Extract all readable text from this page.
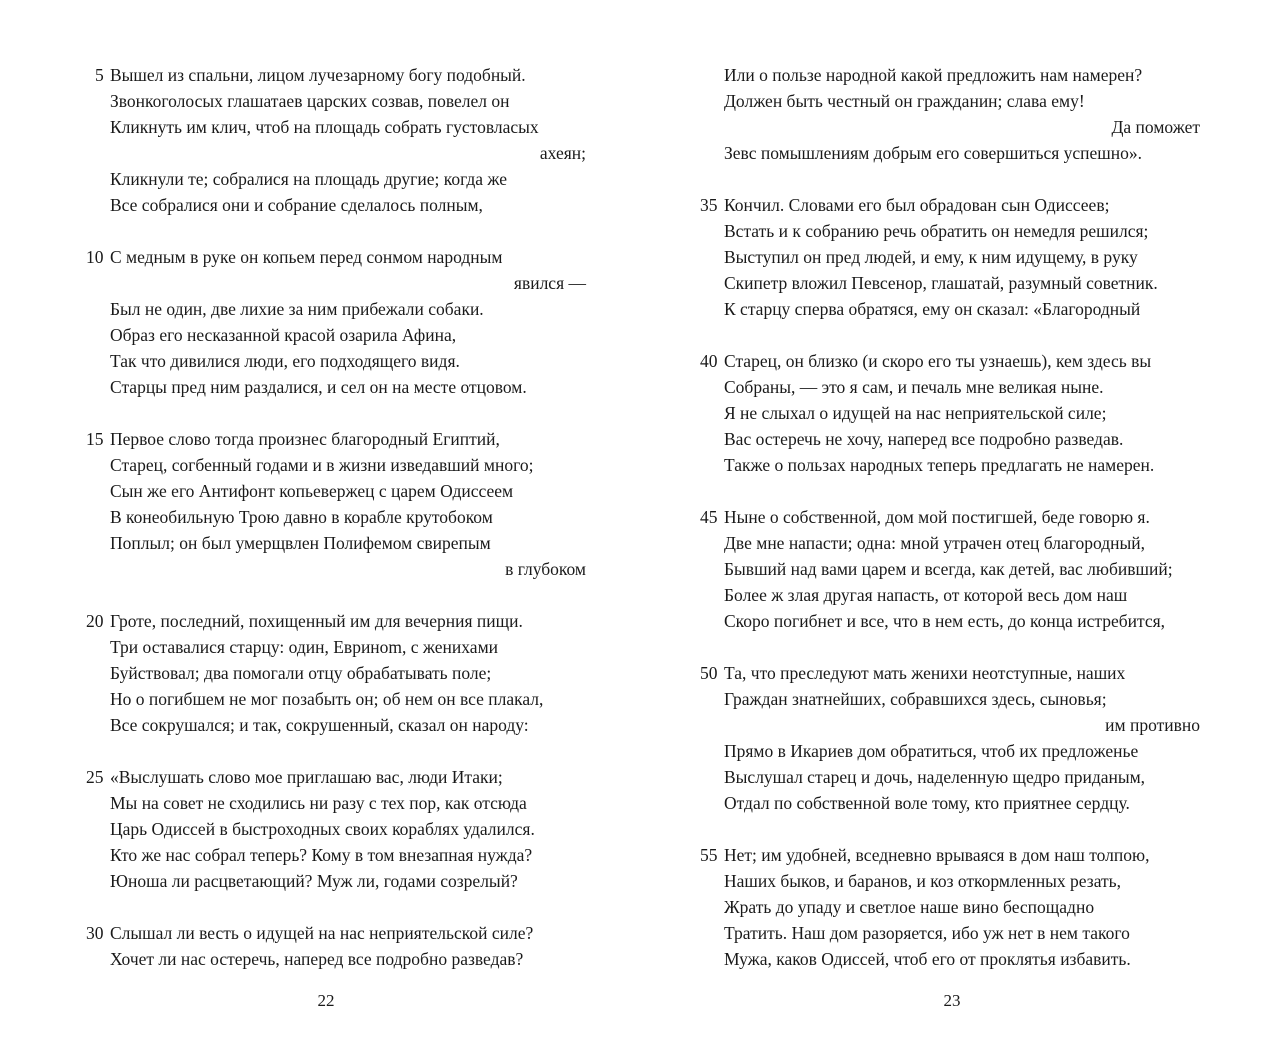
5 Вышел из спальни, лицом лучезарному богу подобный.
Звонкоголосых глашатаев царских созвав, повелел он
Кликнуть им клич, чтоб на площадь собрать густовласых
ахеян;
Кликнули те; собралися на площадь другие; когда же
Все собралися они и собрание сделалось полным,
10 С медным в руке он копьем перед сонмом народным
явился —
Был не один, две лихие за ним прибежали собаки.
Образ его несказанной красой озарила Афина,
Так что дивилися люди, его подходящего видя.
Старцы пред ним раздалися, и сел он на месте отцовом.
15 Первое слово тогда произнес благородный Египтий,
Старец, согбенный годами и в жизни изведавший много;
Сын же его Антифонт копьевержец с царем Одиссеем
В конеобильную Трою давно в корабле крутобоком
Поплыл; он был умерщвлен Полифемом свирепым
в глубоком
20 Гроте, последний, похищенный им для вечерния пищи.
Три оставалися старцу: один, Евриноm, с женихами
Буйствовал; два помогали отцу обрабатывать поле;
Но о погибшем не мог позабыть он; об нем он все плакал,
Все сокрушался; и так, сокрушенный, сказал он народу:
25 «Выслушать слово мое приглашаю вас, люди Итаки;
Мы на совет не сходились ни разу с тех пор, как отсюда
Царь Одиссей в быстроходных своих кораблях удалился.
Кто же нас собрал теперь? Кому в том внезапная нужда?
Юноша ли расцветающий? Муж ли, годами созрелый?
30 Слышал ли весть о идущей на нас неприятельской силе?
Хочет ли нас остеречь, наперед все подробно разведав?
22
Или о пользе народной какой предложить нам намерен?
Должен быть честный он гражданин; слава ему!
Да поможет
Зевс помышлениям добрым его совершиться успешно».
35 Кончил. Словами его был обрадован сын Одиссеев;
Встать и к собранию речь обратить он немедля решился;
Выступил он пред людей, и ему, к ним идущему, в руку
Скипетр вложил Певсенор, глашатай, разумный советник.
К старцу сперва обратяся, ему он сказал: «Благородный
40 Старец, он близко (и скоро его ты узнаешь), кем здесь вы
Собраны, — это я сам, и печаль мне великая ныне.
Я не слыхал о идущей на нас неприятельской силе;
Вас остеречь не хочу, наперед все подробно разведав.
Также о пользах народных теперь предлагать не намерен.
45 Ныне о собственной, дом мой постигшей, беде говорю я.
Две мне напасти; одна: мной утрачен отец благородный,
Бывший над вами царем и всегда, как детей, вас любивший;
Более ж злая другая напасть, от которой весь дом наш
Скоро погибнет и все, что в нем есть, до конца истребится,
50 Та, что преследуют мать женихи неотступные, наших
Граждан знатнейших, собравшихся здесь, сыновья;
им противно
Прямо в Икариев дом обратиться, чтоб их предложенье
Выслушал старец и дочь, наделенную щедро приданым,
Отдал по собственной воле тому, кто приятнее сердцу.
55 Нет; им удобней, вседневно врываяся в дом наш толпою,
Наших быков, и баранов, и коз откормленных резать,
Жрать до упаду и светлое наше вино беспощадно
Тратить. Наш дом разоряется, ибо уж нет в нем такого
Мужа, каков Одиссей, чтоб его от проклятья избавить.
23
